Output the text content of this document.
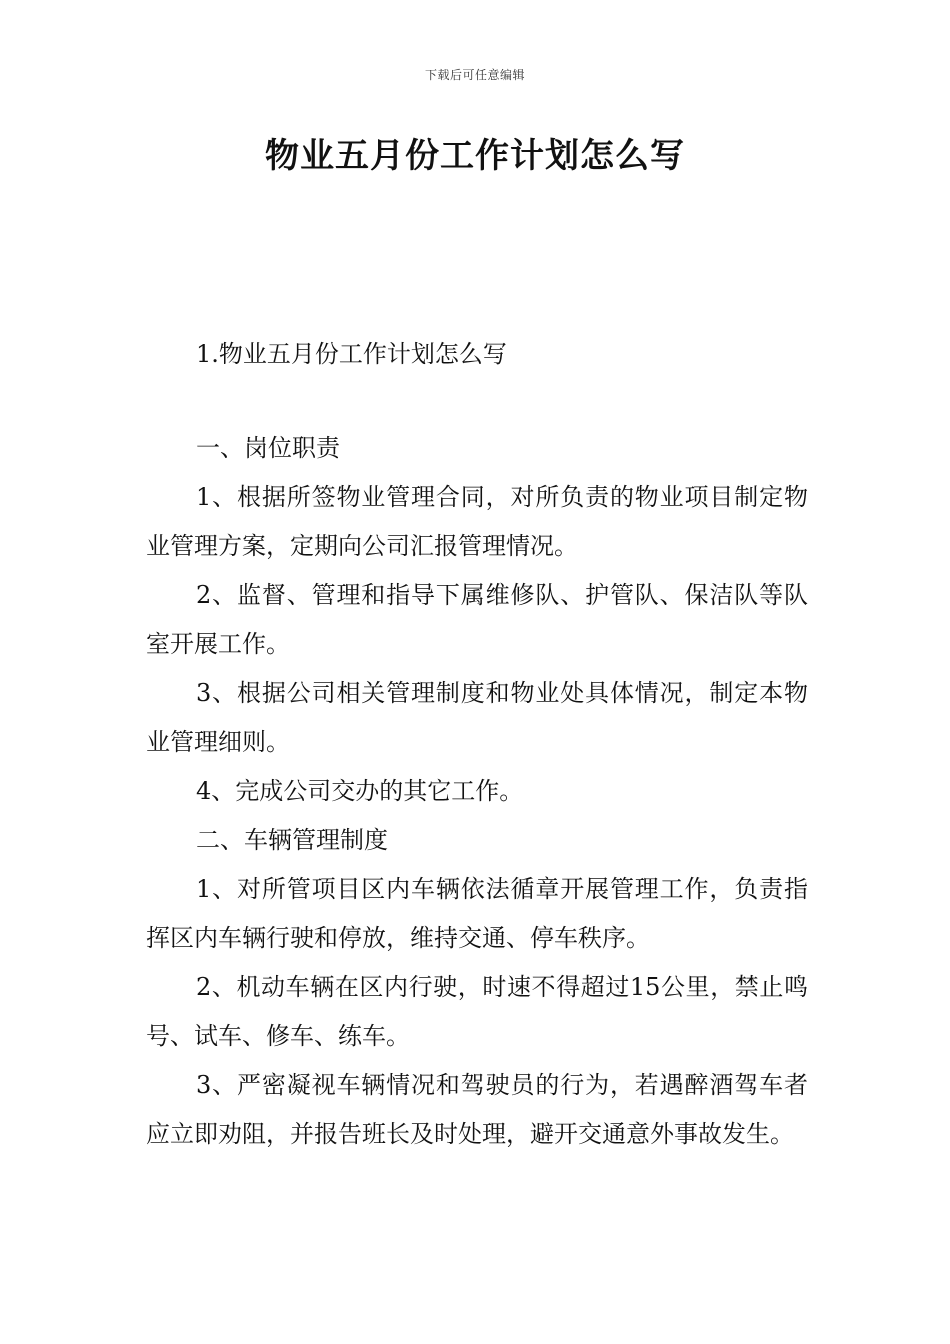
下载后可任意编辑
物业五月份工作计划怎么写
1.物业五月份工作计划怎么写

一、岗位职责

1、根据所签物业管理合同，对所负责的物业项目制定物业管理方案，定期向公司汇报管理情况。

2、监督、管理和指导下属维修队、护管队、保洁队等队室开展工作。

3、根据公司相关管理制度和物业处具体情况，制定本物业管理细则。

4、完成公司交办的其它工作。

二、车辆管理制度

1、对所管项目区内车辆依法循章开展管理工作，负责指挥区内车辆行驶和停放，维持交通、停车秩序。

2、机动车辆在区内行驶，时速不得超过15公里，禁止鸣号、试车、修车、练车。

3、严密凝视车辆情况和驾驶员的行为，若遇醉酒驾车者应立即劝阻，并报告班长及时处理，避开交通意外事故发生。
